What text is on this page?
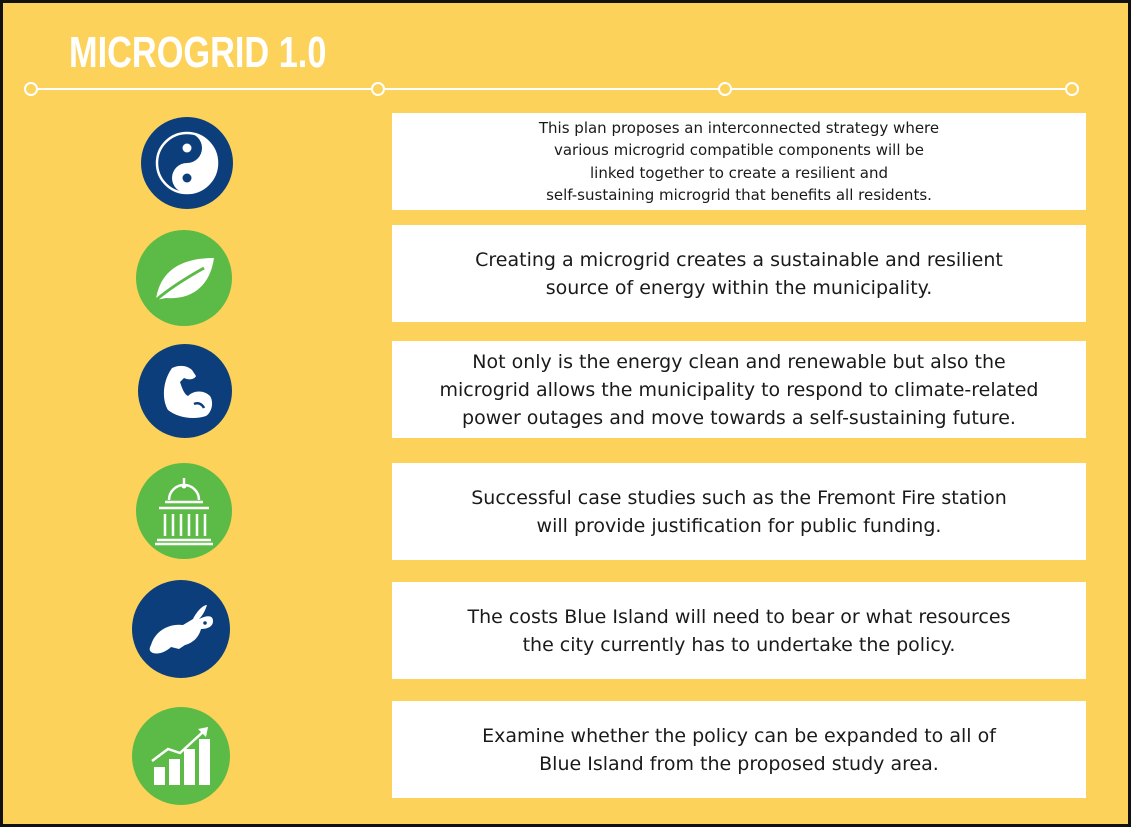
MICROGRID 1.0
This plan proposes an interconnected strategy where
various microgrid compatible components will be
linked together to create a resilient and
self-sustaining microgrid that benefits all residents.
Creating a microgrid creates a sustainable and resilient
source of energy within the municipality.
Not only is the energy clean and renewable but also the
microgrid allows the municipality to respond to climate-related
power outages and move towards a self-sustaining future.
Successful case studies such as the Fremont Fire station
will provide justification for public funding.
The costs Blue Island will need to bear or what resources
the city currently has to undertake the policy.
Examine whether the policy can be expanded to all of
Blue Island from the proposed study area.
